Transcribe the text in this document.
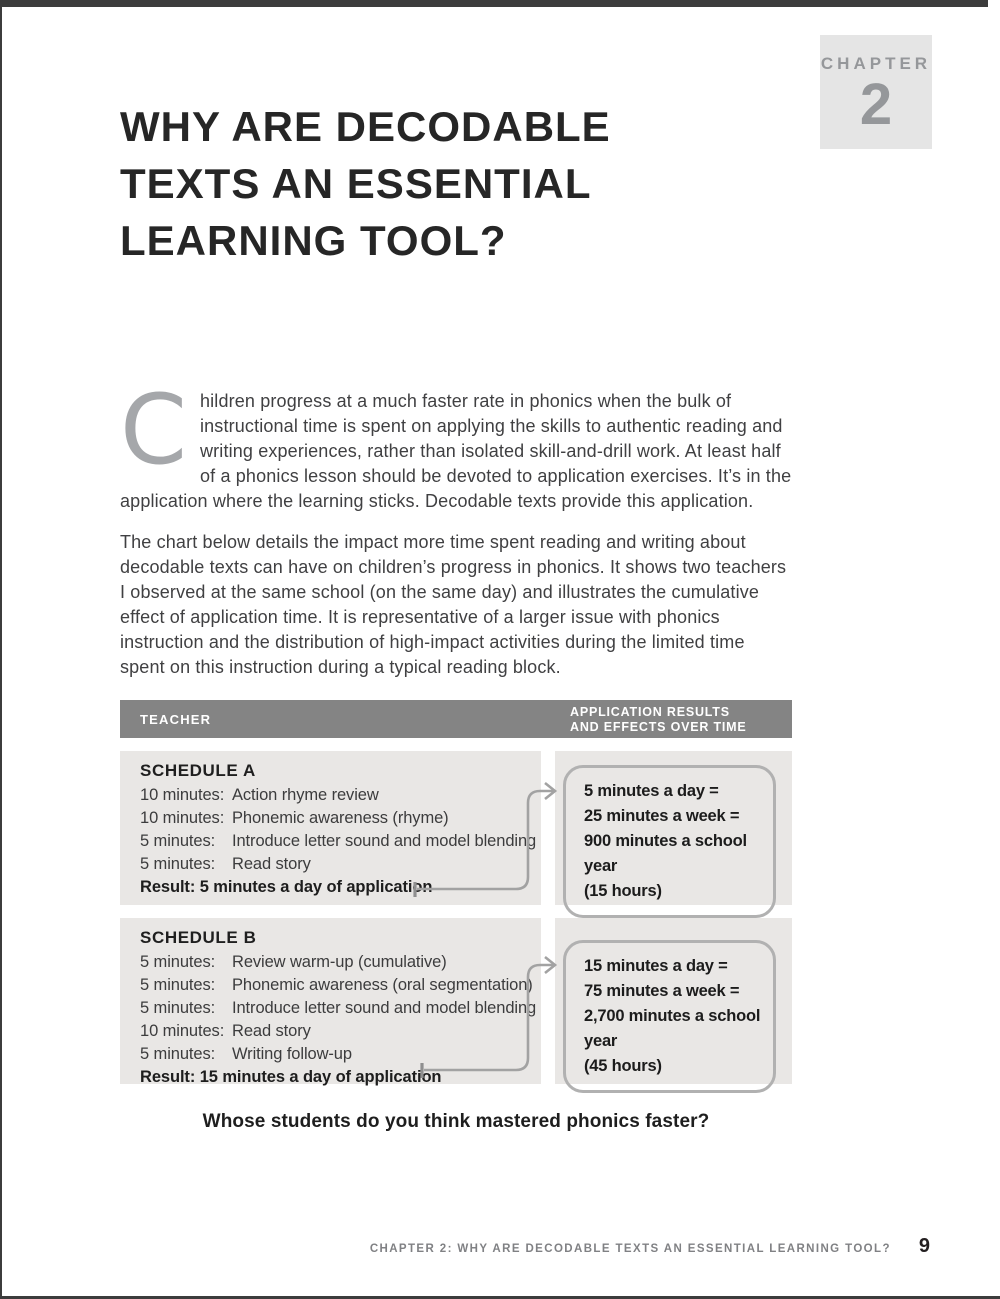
CHAPTER
2
WHY ARE DECODABLE
TEXTS AN ESSENTIAL
LEARNING TOOL?

Children progress at a much faster rate in phonics when the bulk of instructional time is spent on applying the skills to authentic reading and writing experiences, rather than isolated skill-and-drill work. At least half of a phonics lesson should be devoted to application exercises. It’s in the application where the learning sticks. Decodable texts provide this application.

The chart below details the impact more time spent reading and writing about decodable texts can have on children’s progress in phonics. It shows two teachers I observed at the same school (on the same day) and illustrates the cumulative effect of application time. It is representative of a larger issue with phonics instruction and the distribution of high-impact activities during the limited time spent on this instruction during a typical reading block.

TEACHER	APPLICATION RESULTS
AND EFFECTS OVER TIME
SCHEDULE A
10 minutes: Action rhyme review
10 minutes: Phonemic awareness (rhyme)
5 minutes:	Introduce letter sound and model blending
5 minutes:	Read story
Result: 5 minutes a day of application
5 minutes a day =
25 minutes a week =
900 minutes a school year
(15 hours)
SCHEDULE B
5 minutes:	Review warm-up (cumulative)
5 minutes:	Phonemic awareness (oral segmentation)
5 minutes:	Introduce letter sound and model blending
10 minutes: Read story
5 minutes:	Writing follow-up
Result: 15 minutes a day of application
15 minutes a day =
75 minutes a week =
2,700 minutes a school year
(45 hours)
Whose students do you think mastered phonics faster?
CHAPTER 2: WHY ARE DECODABLE TEXTS AN ESSENTIAL LEARNING TOOL? 9
